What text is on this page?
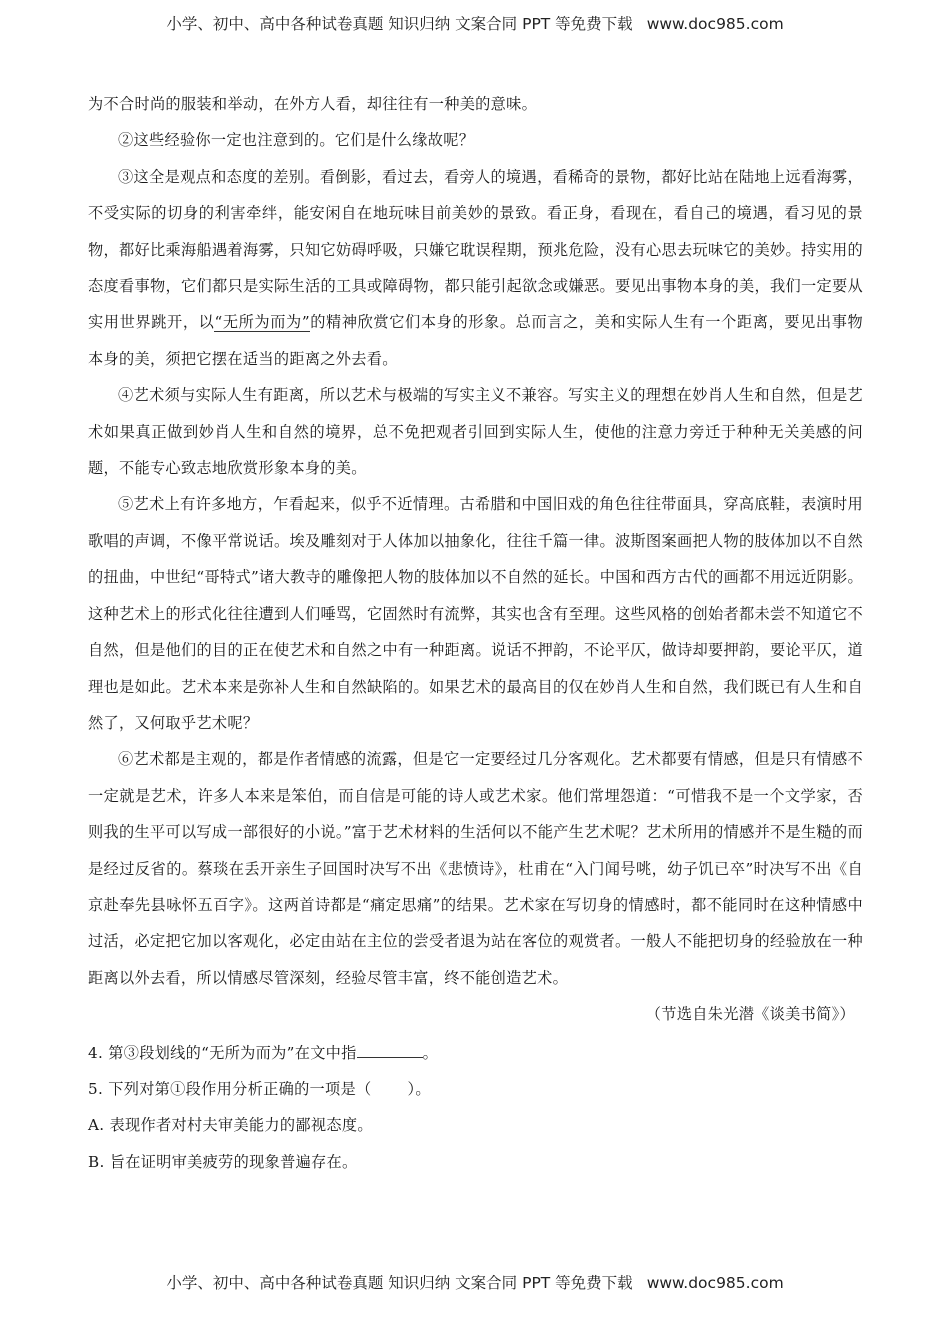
小学、初中、高中各种试卷真题 知识归纳 文案合同 PPT 等免费下载 www.doc985.com

为不合时尚的服装和举动，在外方人看，却往往有一种美的意味。

②这些经验你一定也注意到的。它们是什么缘故呢？

③这全是观点和态度的差别。看倒影，看过去，看旁人的境遇，看稀奇的景物，都好比站在陆地上远看海雾，不受实际的切身的利害牵绊，能安闲自在地玩味目前美妙的景致。看正身，看现在，看自己的境遇，看习见的景物，都好比乘海船遇着海雾，只知它妨碍呼吸，只嫌它耽误程期，预兆危险，没有心思去玩味它的美妙。持实用的态度看事物，它们都只是实际生活的工具或障碍物，都只能引起欲念或嫌恶。要见出事物本身的美，我们一定要从实用世界跳开，以“无所为而为”的精神欣赏它们本身的形象。总而言之，美和实际人生有一个距离，要见出事物本身的美，须把它摆在适当的距离之外去看。

④艺术须与实际人生有距离，所以艺术与极端的写实主义不兼容。写实主义的理想在妙肖人生和自然，但是艺术如果真正做到妙肖人生和自然的境界，总不免把观者引回到实际人生，使他的注意力旁迁于种种无关美感的问题，不能专心致志地欣赏形象本身的美。

⑤艺术上有许多地方，乍看起来，似乎不近情理。古希腊和中国旧戏的角色往往带面具，穿高底鞋，表演时用歌唱的声调，不像平常说话。埃及雕刻对于人体加以抽象化，往往千篇一律。波斯图案画把人物的肢体加以不自然的扭曲，中世纪“哥特式”诸大教寺的雕像把人物的肢体加以不自然的延长。中国和西方古代的画都不用远近阴影。这种艺术上的形式化往往遭到人们唾骂，它固然时有流弊，其实也含有至理。这些风格的创始者都未尝不知道它不自然，但是他们的目的正在使艺术和自然之中有一种距离。说话不押韵，不论平仄，做诗却要押韵，要论平仄，道理也是如此。艺术本来是弥补人生和自然缺陷的。如果艺术的最高目的仅在妙肖人生和自然，我们既已有人生和自然了，又何取乎艺术呢？

⑥艺术都是主观的，都是作者情感的流露，但是它一定要经过几分客观化。艺术都要有情感，但是只有情感不一定就是艺术，许多人本来是笨伯，而自信是可能的诗人或艺术家。他们常埋怨道：“可惜我不是一个文学家，否则我的生平可以写成一部很好的小说。”富于艺术材料的生活何以不能产生艺术呢？艺术所用的情感并不是生糙的而是经过反省的。蔡琰在丢开亲生子回国时决写不出《悲愤诗》，杜甫在“入门闻号咷，幼子饥已卒”时决写不出《自京赴奉先县咏怀五百字》。这两首诗都是“痛定思痛”的结果。艺术家在写切身的情感时，都不能同时在这种情感中过活，必定把它加以客观化，必定由站在主位的尝受者退为站在客位的观赏者。一般人不能把切身的经验放在一种距离以外去看，所以情感尽管深刻，经验尽管丰富，终不能创造艺术。

（节选自朱光潜《谈美书简》）

4. 第③段划线的“无所为而为”在文中指	。

5. 下列对第①段作用分析正确的一项是（ ）。

A. 表现作者对村夫审美能力的鄙视态度。

B. 旨在证明审美疲劳的现象普遍存在。

小学、初中、高中各种试卷真题 知识归纳 文案合同 PPT 等免费下载 www.doc985.com
